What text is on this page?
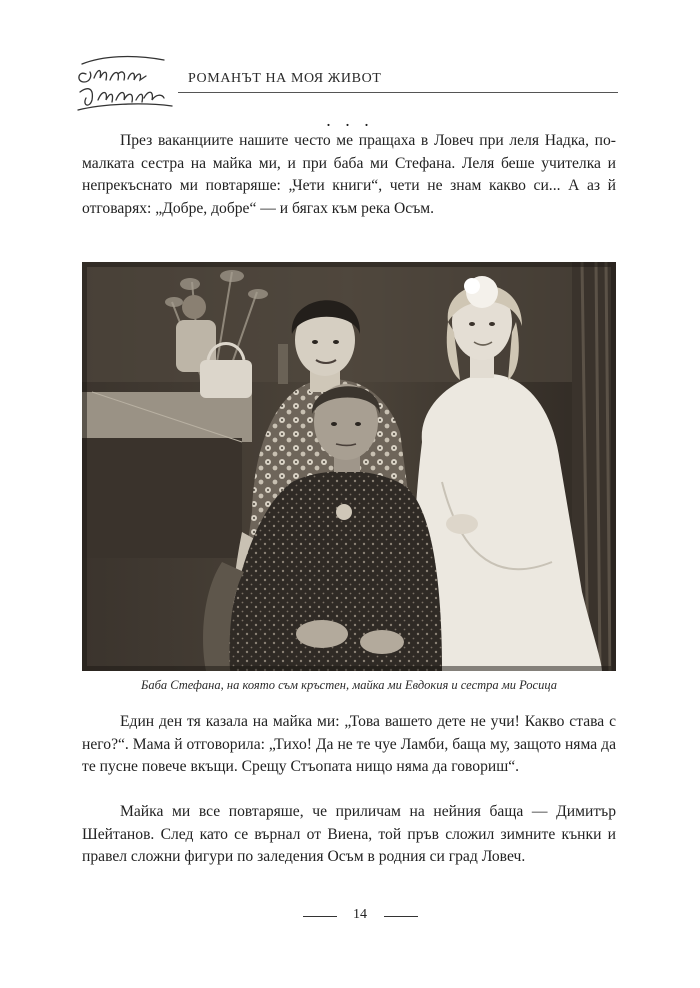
РОМАНЪТ НА МОЯ ЖИВОТ
. . .

През ваканциите нашите често ме пращаха в Ловеч при леля Надка, по-малката сестра на майка ми, и при баба ми Стефана. Леля беше учителка и непрекъснато ми повтаряше: „Чети книги“, чети не знам какво си... А аз й отговарях: „Добре, добре“ — и бягах към река Осъм.

Баба Стефана, на която съм кръстен, майка ми Евдокия и сестра ми Росица

Един ден тя казала на майка ми: „Това вашето дете не учи! Какво става с него?“. Мама й отговорила: „Тихо! Да не те чуе Ламби, баща му, защото няма да те пусне повече вкъщи. Срещу Стъопата нищо няма да говориш“.

Майка ми все повтаряше, че приличам на нейния баща — Димитър Шейтанов. След като се върнал от Виена, той пръв сложил зимните кънки и правел сложни фигури по заледения Осъм в родния си град Ловеч.

14
